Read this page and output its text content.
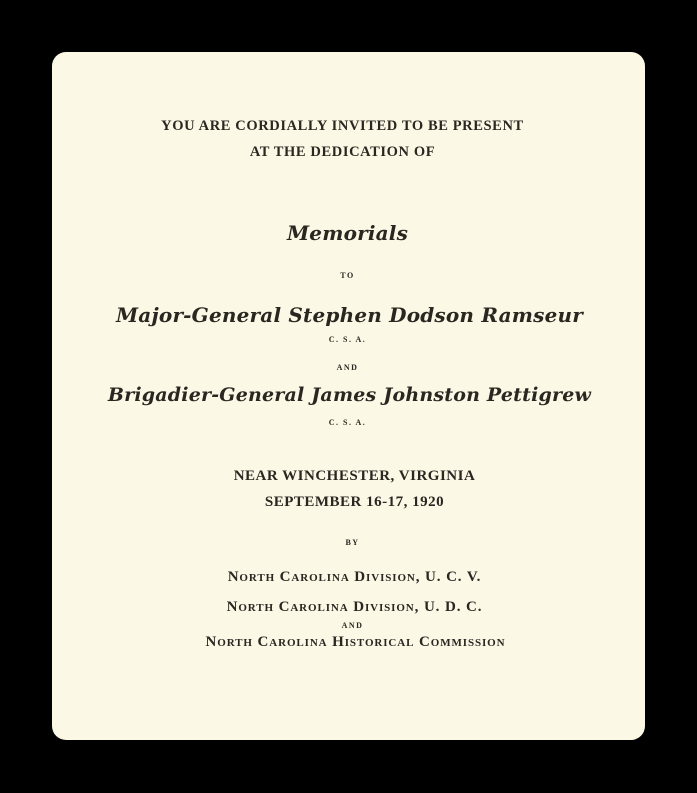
YOU ARE CORDIALLY INVITED TO BE PRESENT
AT THE DEDICATION OF
Memorials
TO
Major-General Stephen Dodson Ramseur
C. S. A.
AND
Brigadier-General James Johnston Pettigrew
C. S. A.
NEAR WINCHESTER, VIRGINIA
SEPTEMBER 16-17, 1920
BY
North Carolina Division, U. C. V.
North Carolina Division, U. D. C.
AND
North Carolina Historical Commission
